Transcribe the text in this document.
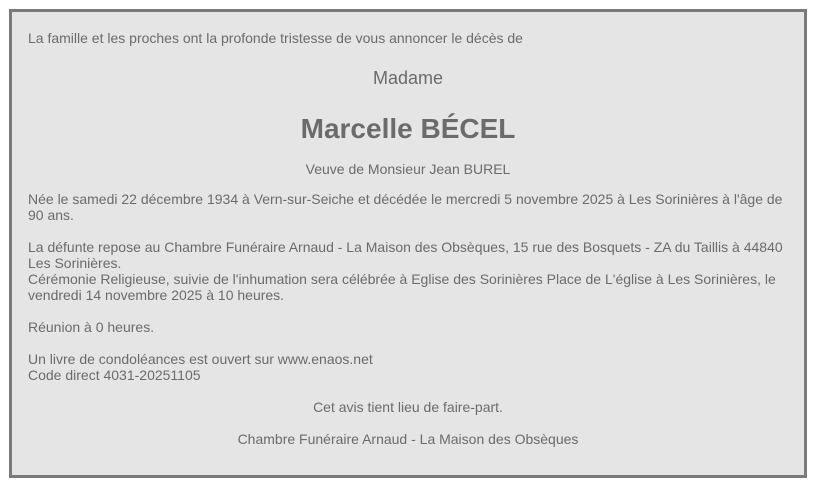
La famille et les proches ont la profonde tristesse de vous annoncer le décès de

Madame

Marcelle BÉCEL

Veuve de Monsieur Jean BUREL

Née le samedi 22 décembre 1934 à Vern-sur-Seiche et décédée le mercredi 5 novembre 2025 à Les Sorinières à l'âge de 90 ans.

La défunte repose au Chambre Funéraire Arnaud - La Maison des Obsèques, 15 rue des Bosquets - ZA du Taillis à 44840 Les Sorinières.
Cérémonie Religieuse, suivie de l'inhumation sera célébrée à Eglise des Sorinières Place de L'église à Les Sorinières, le vendredi 14 novembre 2025 à 10 heures.

Réunion à 0 heures.

Un livre de condoléances est ouvert sur www.enaos.net
Code direct 4031-20251105

Cet avis tient lieu de faire-part.

Chambre Funéraire Arnaud - La Maison des Obsèques
